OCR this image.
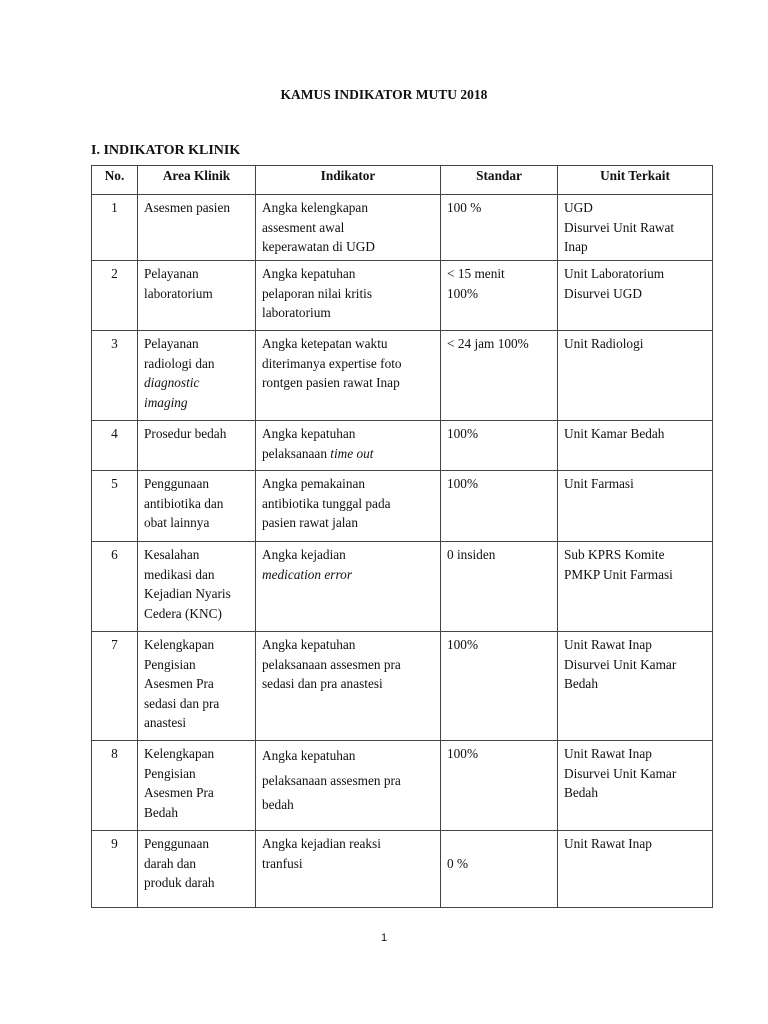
KAMUS INDIKATOR MUTU 2018
I. INDIKATOR KLINIK
No.	Area Klinik	Indikator	Standar	Unit Terkait
1	Asesmen pasien	Angka kelengkapan
assesment awal
keperawatan di UGD	100 %	UGD
Disurvei Unit Rawat
Inap

2	Pelayanan
laboratorium	Angka kepatuhan
pelaporan nilai kritis
laboratorium	< 15 menit
100%	Unit Laboratorium
Disurvei UGD

3	Pelayanan
radiologi dan
diagnostic
imaging	Angka ketepatan waktu
diterimanya expertise foto
rontgen pasien rawat Inap	< 24 jam 100%	Unit Radiologi

4	Prosedur bedah	Angka kepatuhan
pelaksanaan time out	100%	Unit Kamar Bedah

5	Penggunaan
antibiotika dan
obat lainnya	Angka pemakainan
antibiotika tunggal pada
pasien rawat jalan	100%	Unit Farmasi

6	Kesalahan
medikasi dan
Kejadian Nyaris
Cedera (KNC)	Angka kejadian
medication error	0 insiden	Sub KPRS Komite
PMKP Unit Farmasi

7	Kelengkapan
Pengisian
Asesmen Pra
sedasi dan pra
anastesi	Angka kepatuhan
pelaksanaan assesmen pra
sedasi dan pra anastesi	100%	Unit Rawat Inap
Disurvei Unit Kamar
Bedah

8	Kelengkapan
Pengisian
Asesmen Pra
Bedah	Angka kepatuhan
pelaksanaan assesmen pra
bedah	100%	Unit Rawat Inap
Disurvei Unit Kamar
Bedah

9	Penggunaan
darah dan
produk darah	Angka kejadian reaksi
tranfusi	0 %	Unit Rawat Inap
1
